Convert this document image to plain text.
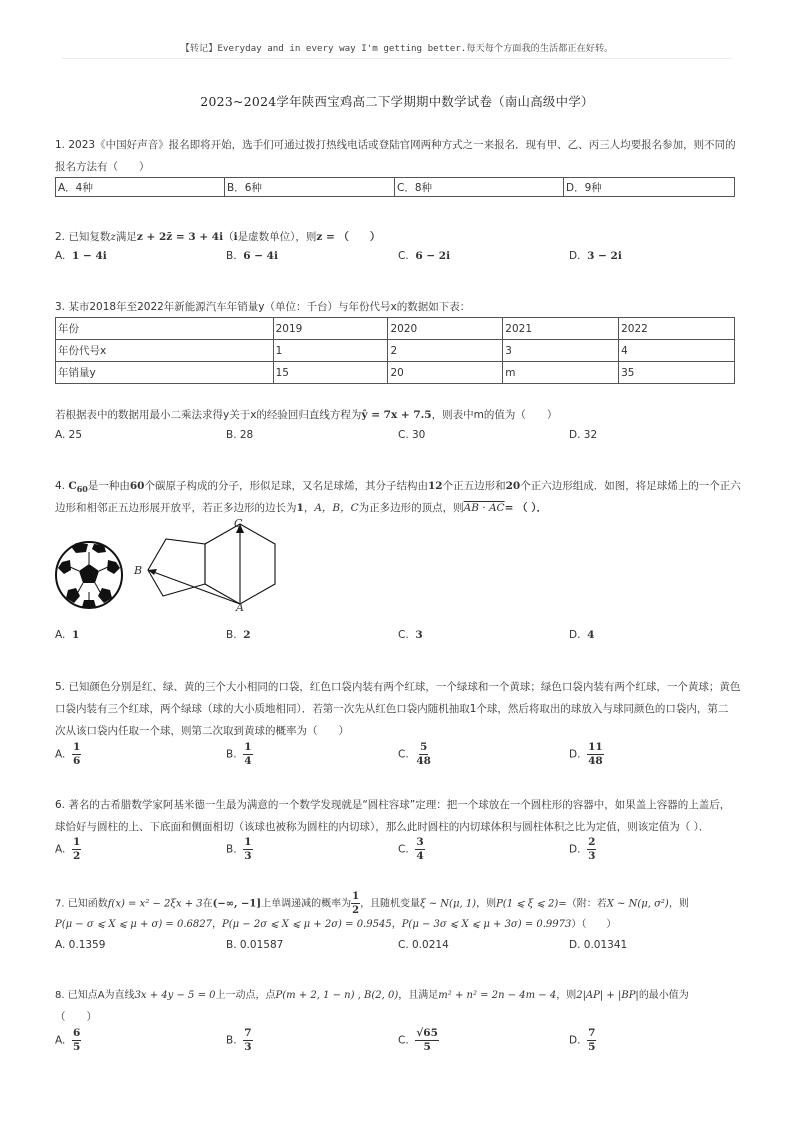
【转记】Everyday and in every way I'm getting better.每天每个方面我的生活都正在好转。
2023~2024学年陕西宝鸡高二下学期期中数学试卷（南山高级中学）
1. 2023《中国好声音》报名即将开始，选手们可通过拨打热线电话或登陆官网两种方式之一来报名．现有甲、乙、丙三人均要报名参加，则不同的报名方法有（　　）
A．4种	B．6种	C．8种	D．9种
2. 已知复数z满足z + 2z̄ = 3 + 4i（i是虚数单位），则z = （　　）
A. 1 − 4i	B. 6 − 4i	C. 6 − 2i	D. 3 − 2i
3. 某市2018年至2022年新能源汽车年销量y（单位：千台）与年份代号x的数据如下表：
年份	2019	2020	2021	2022
年份代号x	1	2	3	4
年销量y	15	20	m	35
若根据表中的数据用最小二乘法求得y关于x的经验回归直线方程为ŷ = 7x + 7.5，则表中m的值为（　　）
A. 25	B. 28	C. 30	D. 32
4. $C_{60}$是一种由60个碳原子构成的分子，形似足球，又名足球烯，其分子结构由12个正五边形和20个正六边形组成．如图，将足球烯上的一个正六
边形和相邻正五边形展开放平，若正多边形的边长为1，A，B，C为正多边形的顶点，则AB · AC= （ ）．
C
B
A
A. 1	B. 2	C. 3	D. 4
5. 已知颜色分别是红、绿、黄的三个大小相同的口袋，红色口袋内装有两个红球，一个绿球和一个黄球；绿色口袋内装有两个红球，一个黄球；黄色
口袋内装有三个红球，两个绿球（球的大小质地相同）．若第一次先从红色口袋内随机抽取1个球，然后将取出的球放入与球同颜色的口袋内，第二
次从该口袋内任取一个球，则第二次取到黄球的概率为（　　）
A. $\frac{1}{6}$	B. $\frac{1}{4}$	C. $\frac{5}{48}$	D. $\frac{11}{48}$
6. 著名的古希腊数学家阿基米德一生最为满意的一个数学发现就是“圆柱容球”定理：把一个球放在一个圆柱形的容器中，如果盖上容器的上盖后，
球恰好与圆柱的上、下底面和侧面相切（该球也被称为圆柱的内切球），那么此时圆柱的内切球体积与圆柱体积之比为定值，则该定值为（ ）．
A. $\frac{1}{2}$	B. $\frac{1}{3}$	C. $\frac{3}{4}$	D. $\frac{2}{3}$
7. 已知函数f(x) = x² − 2ξx + 3在(−∞, −1]上单调递减的概率为 $\frac{1}{2}$ ，且随机变量ξ ∼ N(μ, 1)，则P(1 ⩽ ξ ⩽ 2)=（附：若X ∼ N(μ, σ²)，则
P(μ − σ ⩽ X ⩽ μ + σ) = 0.6827，P(μ − 2σ ⩽ X ⩽ μ + 2σ) = 0.9545，P(μ − 3σ ⩽ X ⩽ μ + 3σ) = 0.9973）（　　）
A. 0.1359	B. 0.01587	C. 0.0214	D. 0.01341
8. 已知点A为直线3x + 4y − 5 = 0上一动点，点P(m + 2, 1 − n) , B(2, 0)，且满足m² + n² = 2n − 4m − 4，则2|AP| + |BP|的最小值为
（　　）
A. $\frac{6}{5}$	B. $\frac{7}{3}$	C. $\frac{√65}{5}$	D. $\frac{7}{5}$
